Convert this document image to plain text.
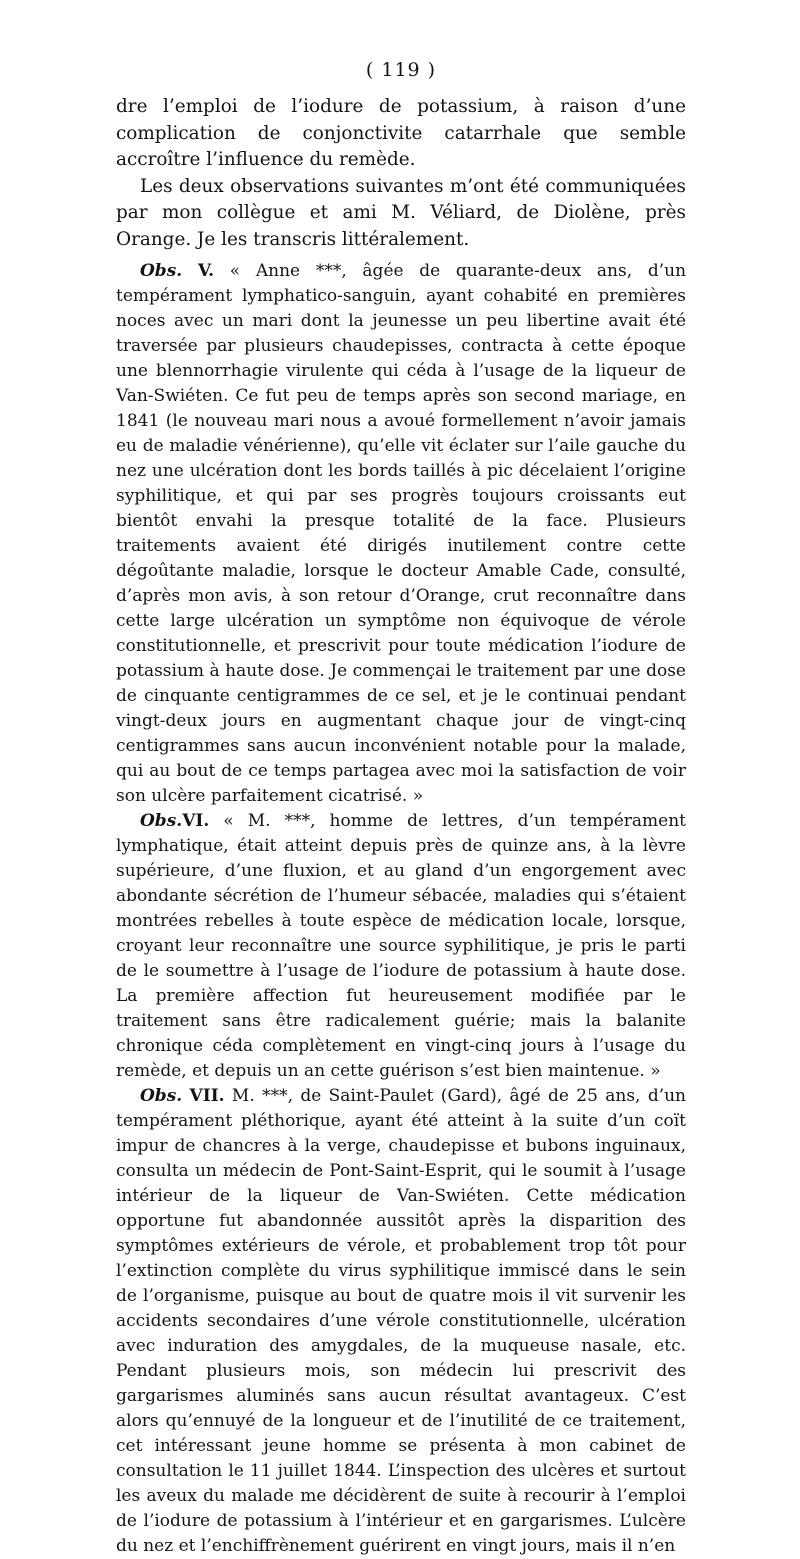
( 119 )

dre l’emploi de l’iodure de potassium, à raison d’une complication de conjonctivite catarrhale que semble accroître l’influence du remède.

Les deux observations suivantes m’ont été communiquées par mon collègue et ami M. Véliard, de Diolène, près Orange. Je les transcris littéralement.

Obs. V. « Anne ***, âgée de quarante-deux ans, d’un tempérament lymphatico-sanguin, ayant cohabité en premières noces avec un mari dont la jeunesse un peu libertine avait été traversée par plusieurs chaudepisses, contracta à cette époque une blennorrhagie virulente qui céda à l’usage de la liqueur de Van-Swiéten. Ce fut peu de temps après son second mariage, en 1841 (le nouveau mari nous a avoué formellement n’avoir jamais eu de maladie vénérienne), qu’elle vit éclater sur l’aile gauche du nez une ulcération dont les bords taillés à pic décelaient l’origine syphilitique, et qui par ses progrès toujours croissants eut bientôt envahi la presque totalité de la face. Plusieurs traitements avaient été dirigés inutilement contre cette dégoûtante maladie, lorsque le docteur Amable Cade, consulté, d’après mon avis, à son retour d’Orange, crut reconnaître dans cette large ulcération un symptôme non équivoque de vérole constitutionnelle, et prescrivit pour toute médication l’iodure de potassium à haute dose. Je commençai le traitement par une dose de cinquante centigrammes de ce sel, et je le continuai pendant vingt-deux jours en augmentant chaque jour de vingt-cinq centigrammes sans aucun inconvénient notable pour la malade, qui au bout de ce temps partagea avec moi la satisfaction de voir son ulcère parfaitement cicatrisé. »

Obs.VI. « M. ***, homme de lettres, d’un tempérament lymphatique, était atteint depuis près de quinze ans, à la lèvre supérieure, d’une fluxion, et au gland d’un engorgement avec abondante sécrétion de l’humeur sébacée, maladies qui s’étaient montrées rebelles à toute espèce de médication locale, lorsque, croyant leur reconnaître une source syphilitique, je pris le parti de le soumettre à l’usage de l’iodure de potassium à haute dose. La première affection fut heureusement modifiée par le traitement sans être radicalement guérie; mais la balanite chronique céda complètement en vingt-cinq jours à l’usage du remède, et depuis un an cette guérison s’est bien maintenue. »

Obs. VII. M. ***, de Saint-Paulet (Gard), âgé de 25 ans, d’un tempérament pléthorique, ayant été atteint à la suite d’un coït impur de chancres à la verge, chaudepisse et bubons inguinaux, consulta un médecin de Pont-Saint-Esprit, qui le soumit à l’usage intérieur de la liqueur de Van-Swiéten. Cette médication opportune fut abandonnée aussitôt après la disparition des symptômes extérieurs de vérole, et probablement trop tôt pour l’extinction complète du virus syphilitique immiscé dans le sein de l’organisme, puisque au bout de quatre mois il vit survenir les accidents secondaires d’une vérole constitutionnelle, ulcération avec induration des amygdales, de la muqueuse nasale, etc. Pendant plusieurs mois, son médecin lui prescrivit des gargarismes aluminés sans aucun résultat avantageux. C’est alors qu’ennuyé de la longueur et de l’inutilité de ce traitement, cet intéressant jeune homme se présenta à mon cabinet de consultation le 11 juillet 1844. L’inspection des ulcères et surtout les aveux du malade me décidèrent de suite à recourir à l’emploi de l’iodure de potassium à l’intérieur et en gargarismes. L’ulcère du nez et l’enchiffrènement guérirent en vingt jours, mais il n’en
